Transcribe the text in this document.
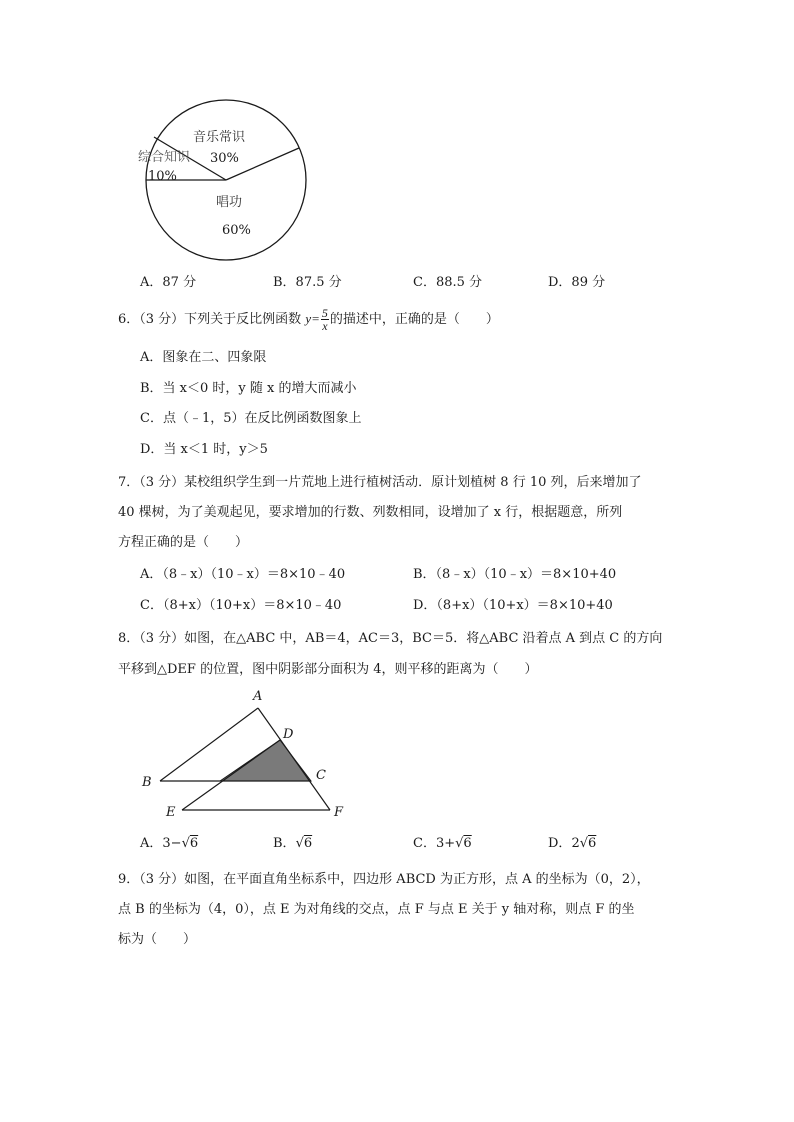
音乐常识
30%
综合知识
10%
唱功
60%
A．87 分	B．87.5 分	C．88.5 分	D．89 分
6．（3 分）下列关于反比例函数 $y= \frac{5}{x}$ 的描述中，正确的是（　　）
A．图象在二、四象限
B．当 x＜0 时，y 随 x 的增大而减小
C．点（﹣1，5）在反比例函数图象上
D．当 x＜1 时，y＞5
7．（3 分）某校组织学生到一片荒地上进行植树活动．原计划植树 8 行 10 列，后来增加了
40 棵树，为了美观起见，要求增加的行数、列数相同，设增加了 x 行，根据题意，所列
方程正确的是（　　）
A．（8﹣x）（10﹣x）＝8×10﹣40	B．（8﹣x）（10﹣x）＝8×10+40
C．（8+x）（10+x）＝8×10﹣40	D．（8+x）（10+x）＝8×10+40
8．（3 分）如图，在△ABC 中，AB＝4，AC＝3，BC＝5．将△ABC 沿着点 A 到点 C 的方向
平移到△DEF 的位置，图中阴影部分面积为 4，则平移的距离为（　　）
A
B	C
D
E	F
A．3−√6	B．√6	C．3+√6	D．2√6
9．（3 分）如图，在平面直角坐标系中，四边形 ABCD 为正方形，点 A 的坐标为（0，2），
点 B 的坐标为（4，0），点 E 为对角线的交点，点 F 与点 E 关于 y 轴对称，则点 F 的坐
标为（　　）
